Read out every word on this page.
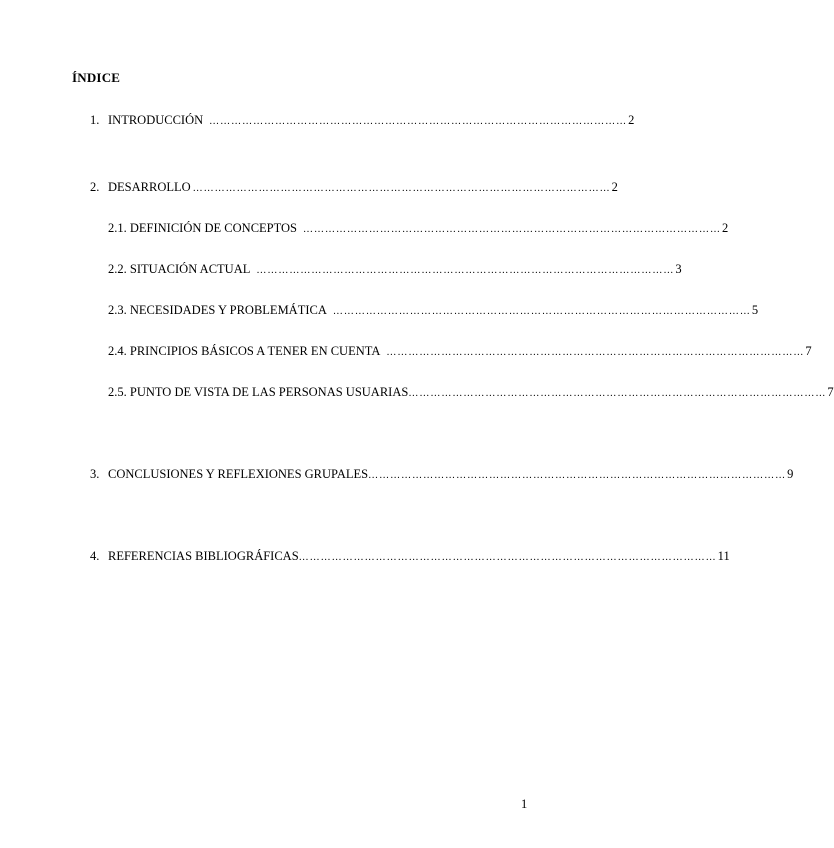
ÍNDICE
1. INTRODUCCIÓN …………………………………………………………………………………………………… 2
2. DESARROLLO …………………………………………………………………………………………………… 2
2.1. DEFINICIÓN DE CONCEPTOS …………………………………………………………………………………………………… 2
2.2. SITUACIÓN ACTUAL …………………………………………………………………………………………………… 3
2.3. NECESIDADES Y PROBLEMÁTICA …………………………………………………………………………………………………… 5
2.4. PRINCIPIOS BÁSICOS A TENER EN CUENTA …………………………………………………………………………………………………… 7
2.5. PUNTO DE VISTA DE LAS PERSONAS USUARIAS …………………………………………………………………………………………………… 7
3. CONCLUSIONES Y REFLEXIONES GRUPALES …………………………………………………………………………………………………… 9
4. REFERENCIAS BIBLIOGRÁFICAS …………………………………………………………………………………………………… 11
1
